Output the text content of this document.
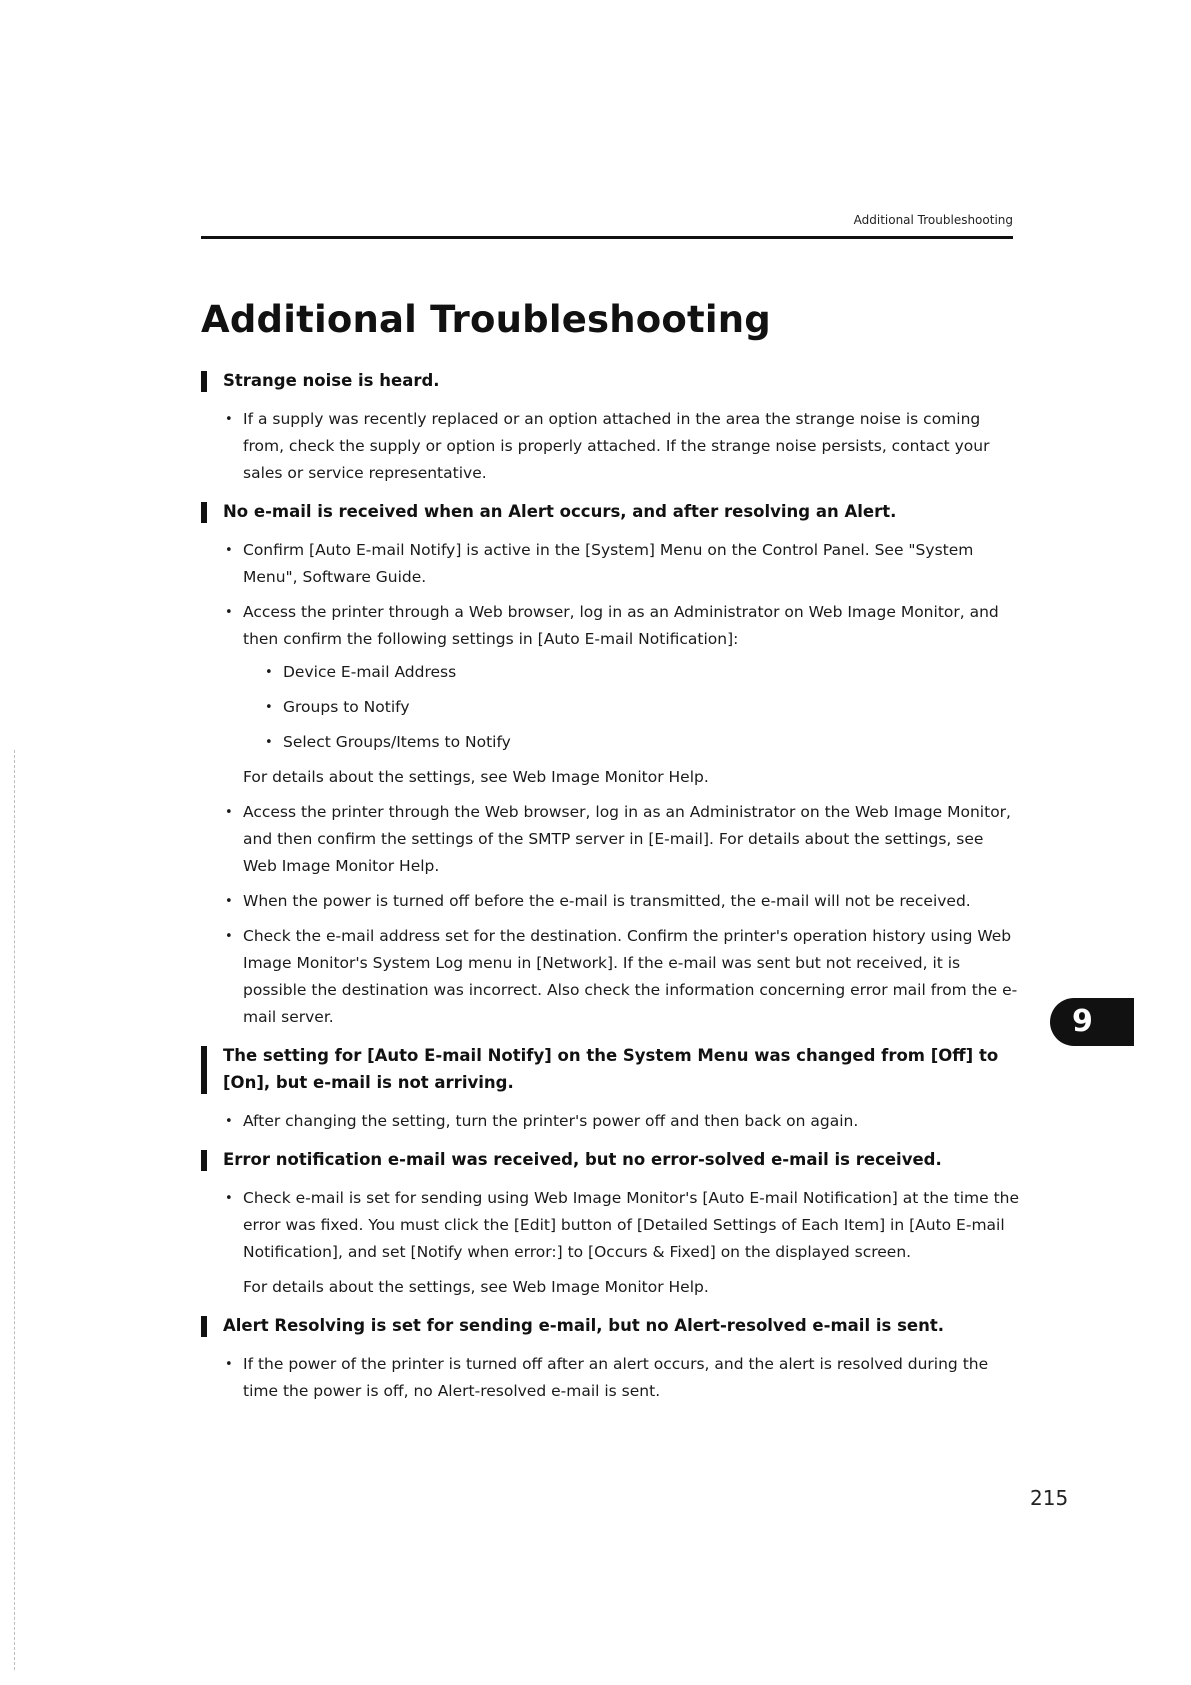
Additional Troubleshooting
Additional Troubleshooting
Strange noise is heard.
• If a supply was recently replaced or an option attached in the area the strange noise is coming from, check the supply or option is properly attached. If the strange noise persists, contact your sales or service representative.
No e-mail is received when an Alert occurs, and after resolving an Alert.
• Confirm [Auto E-mail Notify] is active in the [System] Menu on the Control Panel. See "System Menu", Software Guide.
• Access the printer through a Web browser, log in as an Administrator on Web Image Monitor, and then confirm the following settings in [Auto E-mail Notification]:
• Device E-mail Address
• Groups to Notify
• Select Groups/Items to Notify

For details about the settings, see Web Image Monitor Help.

• Access the printer through the Web browser, log in as an Administrator on the Web Image Monitor, and then confirm the settings of the SMTP server in [E-mail]. For details about the settings, see Web Image Monitor Help.
• When the power is turned off before the e-mail is transmitted, the e-mail will not be received.
• Check the e-mail address set for the destination. Confirm the printer's operation history using Web Image Monitor's System Log menu in [Network]. If the e-mail was sent but not received, it is possible the destination was incorrect. Also check the information concerning error mail from the e-mail server.
The setting for [Auto E-mail Notify] on the System Menu was changed from [Off] to [On], but e-mail is not arriving.
• After changing the setting, turn the printer's power off and then back on again.
Error notification e-mail was received, but no error-solved e-mail is received.
• Check e-mail is set for sending using Web Image Monitor's [Auto E-mail Notification] at the time the error was fixed. You must click the [Edit] button of [Detailed Settings of Each Item] in [Auto E-mail Notification], and set [Notify when error:] to [Occurs & Fixed] on the displayed screen.

For details about the settings, see Web Image Monitor Help.

Alert Resolving is set for sending e-mail, but no Alert-resolved e-mail is sent.
• If the power of the printer is turned off after an alert occurs, and the alert is resolved during the time the power is off, no Alert-resolved e-mail is sent.
9
215
